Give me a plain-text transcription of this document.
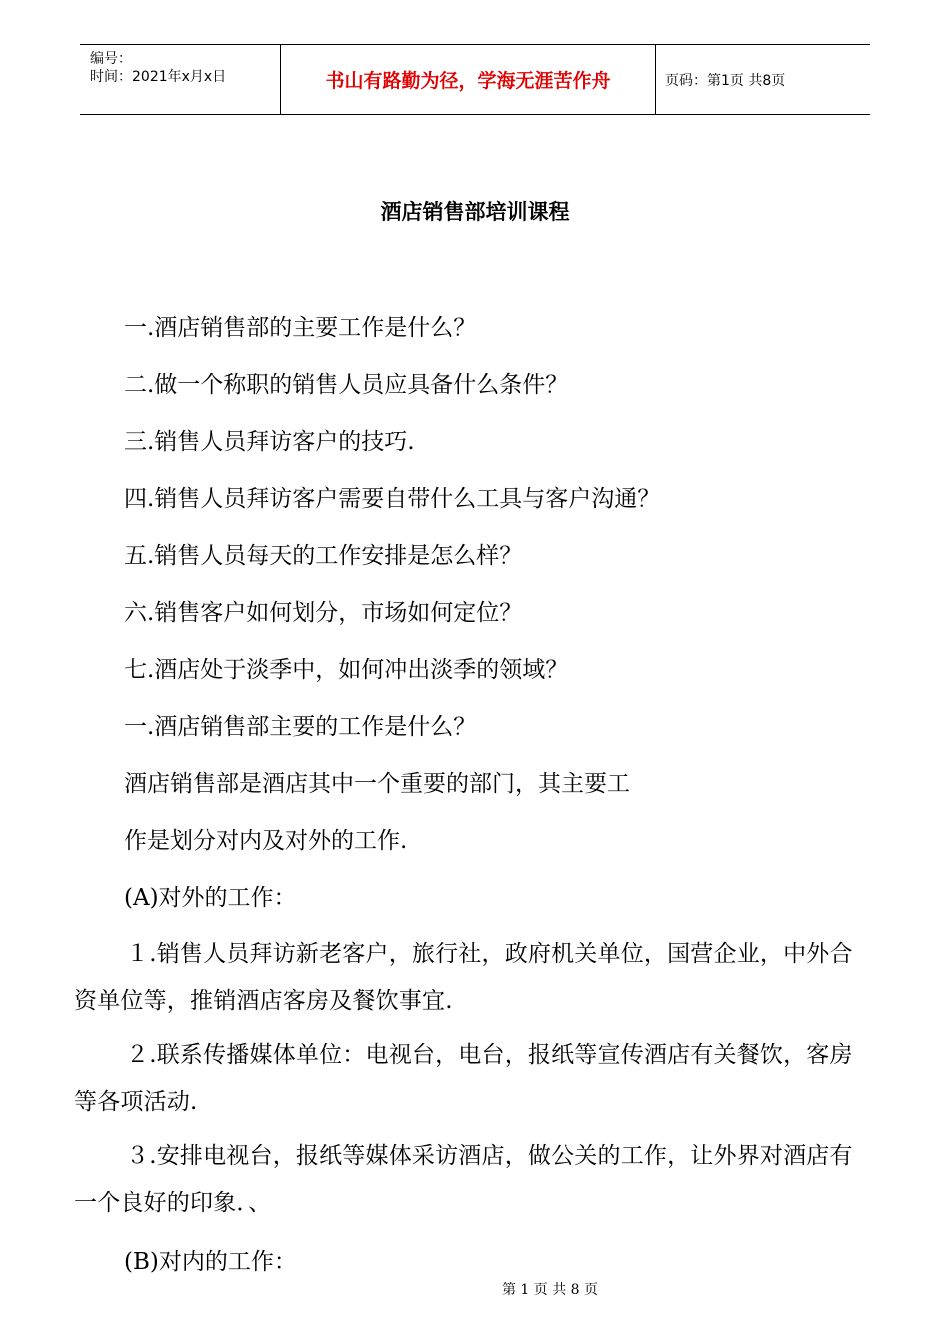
编号：
时间：2021年x月x日	书山有路勤为径，学海无涯苦作舟	页码：第1页 共8页
酒店销售部培训课程
一.酒店销售部的主要工作是什么？
二.做一个称职的销售人员应具备什么条件？
三.销售人员拜访客户的技巧.
四.销售人员拜访客户需要自带什么工具与客户沟通？
五.销售人员每天的工作安排是怎么样？
六.销售客户如何划分，市场如何定位？
七.酒店处于淡季中，如何冲出淡季的领域？
一.酒店销售部主要的工作是什么？
酒店销售部是酒店其中一个重要的部门，其主要工
作是划分对内及对外的工作.
(A)对外的工作：
１.销售人员拜访新老客户，旅行社，政府机关单位，国营企业，中外合资单位等，推销酒店客房及餐饮事宜.
２.联系传播媒体单位：电视台，电台，报纸等宣传酒店有关餐饮，客房等各项活动.
３.安排电视台，报纸等媒体采访酒店，做公关的工作，让外界对酒店有一个良好的印象．、
(B)对内的工作：
第 1 页 共 8 页
